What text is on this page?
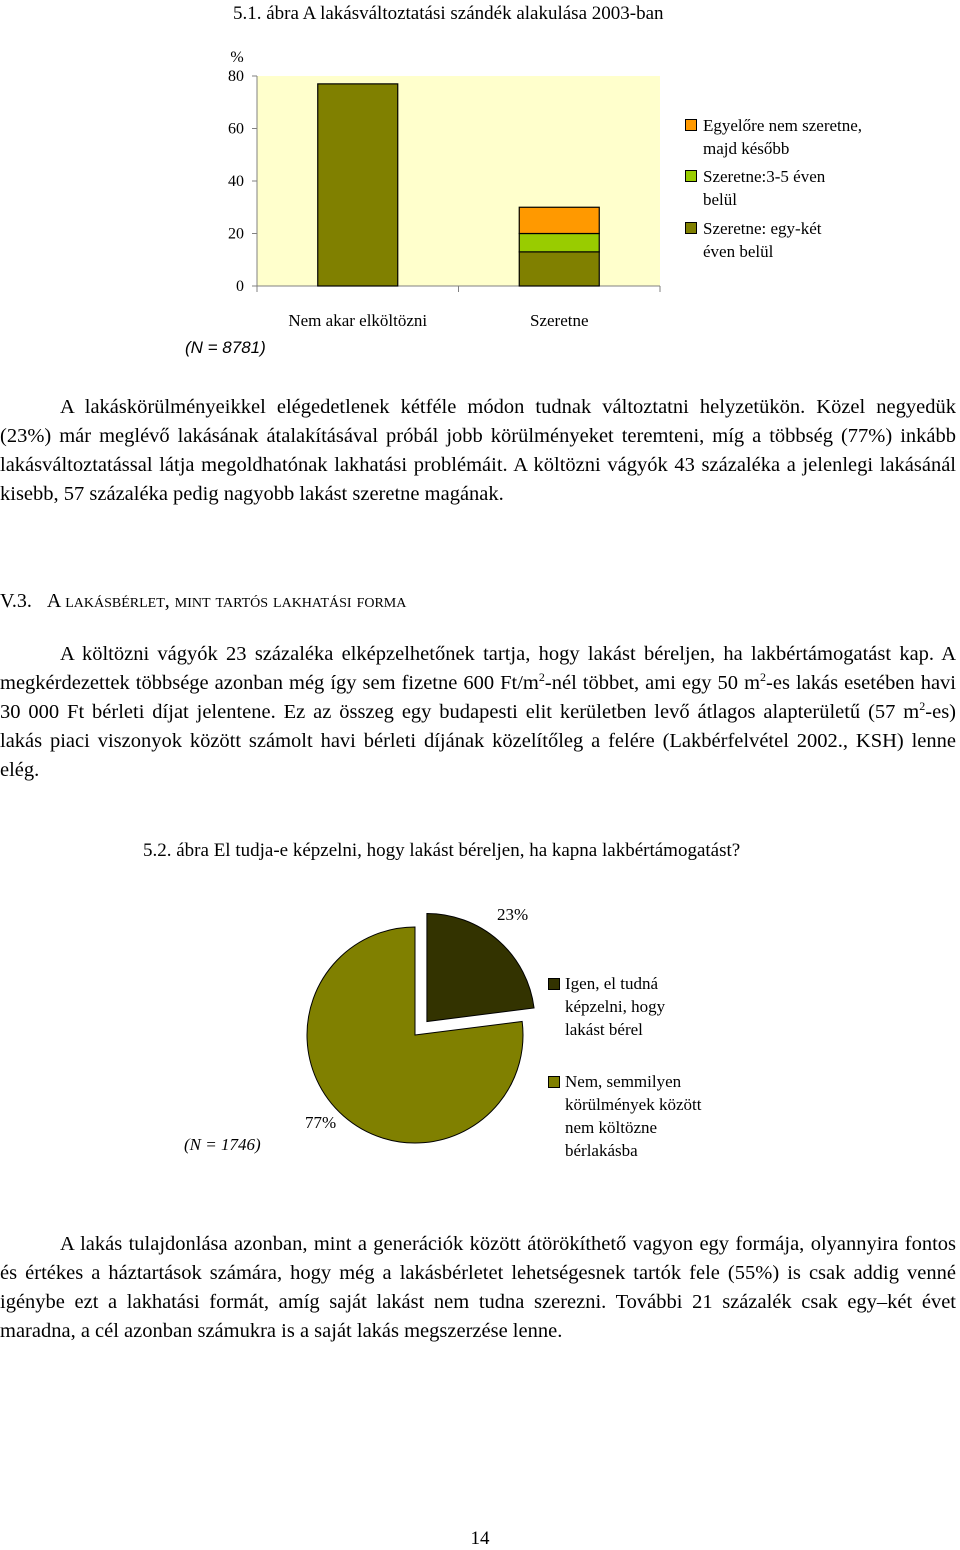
5.1. ábra A lakásváltoztatási szándék alakulása 2003-ban
%
0
20
40
60
80
Nem akar elköltözni	Szeretne
(N = 8781)
Egyelőre nem szeretne, majd később
Szeretne:3-5 éven belül
Szeretne: egy-két éven belül

A lakáskörülményeikkel elégedetlenek kétféle módon tudnak változtatni helyzetükön. Közel negyedük (23%) már meglévő lakásának átalakításával próbál jobb körülményeket teremteni, míg a többség (77%) inkább lakásváltoztatással látja megoldhatónak lakhatási problémáit. A költözni vágyók 43 százaléka a jelenlegi lakásánál kisebb, 57 százaléka pedig nagyobb lakást szeretne magának.

V.3. A lakásbérlet, mint tartós lakhatási forma

A költözni vágyók 23 százaléka elképzelhetőnek tartja, hogy lakást béreljen, ha lakbértámogatást kap. A megkérdezettek többsége azonban még így sem fizetne 600 $Ft/m^2$-nél többet, ami egy 50 $m^2-es$ lakás esetében havi 30 000 Ft bérleti díjat jelentene. Ez az összeg egy budapesti elit kerületben levő átlagos alapterületű (57 $m^2-es$) lakás piaci viszonyok között számolt havi bérleti díjának közelítőleg a felére (Lakbérfelvétel 2002., KSH) lenne elég.

5.2. ábra El tudja-e képzelni, hogy lakást béreljen, ha kapna lakbértámogatást?
23%
77%
(N = 1746)
Igen, el tudná képzelni, hogy lakást bérel
Nem, semmilyen körülmények között nem költözne bérlakásba

A lakás tulajdonlása azonban, mint a generációk között átörökíthető vagyon egy formája, olyannyira fontos és értékes a háztartások számára, hogy még a lakásbérletet lehetségesnek tartók fele (55%) is csak addig venné igénybe ezt a lakhatási formát, amíg saját lakást nem tudna szerezni. További 21 százalék csak egy–két évet maradna, a cél azonban számukra is a saját lakás megszerzése lenne.

14
